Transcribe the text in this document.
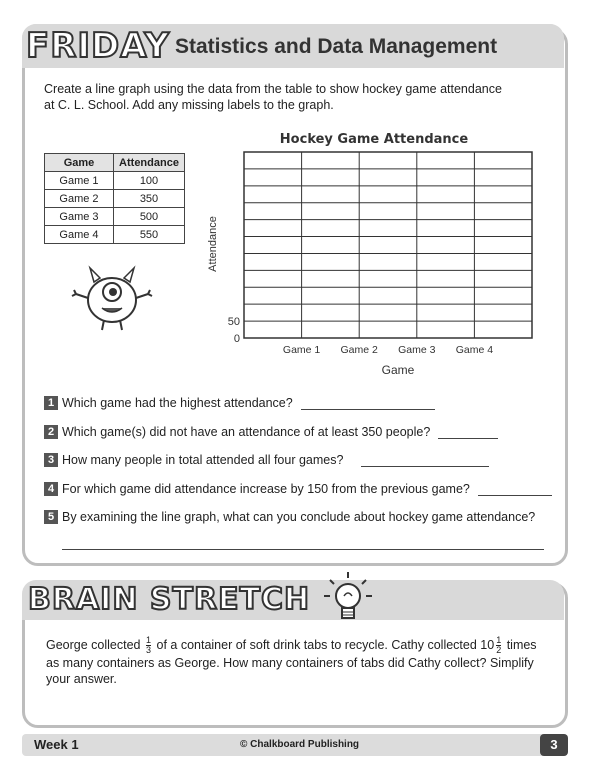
FRIDAY Statistics and Data Management
Create a line graph using the data from the table to show hockey game attendance at C. L. School. Add any missing labels to the graph.
Game	Attendance
Game 1	100
Game 2	350
Game 3	500
Game 4	550
Hockey Game Attendance
Game 1 Game 2 Game 3 Game 4
50
0
Attendance
Game
1 Which game had the highest attendance?
2 Which game(s) did not have an attendance of at least 350 people?
3 How many people in total attended all four games?
4 For which game did attendance increase by 150 from the previous game?
5 By examining the line graph, what can you conclude about hockey game attendance?
BRAIN STRETCH
George collected $\frac{1}{3}$ of a container of soft drink tabs to recycle. Cathy collected $10 \frac{1}{2}$ times as many containers as George. How many containers of tabs did Cathy collect? Simplify your answer.
Week 1	© Chalkboard Publishing	3
